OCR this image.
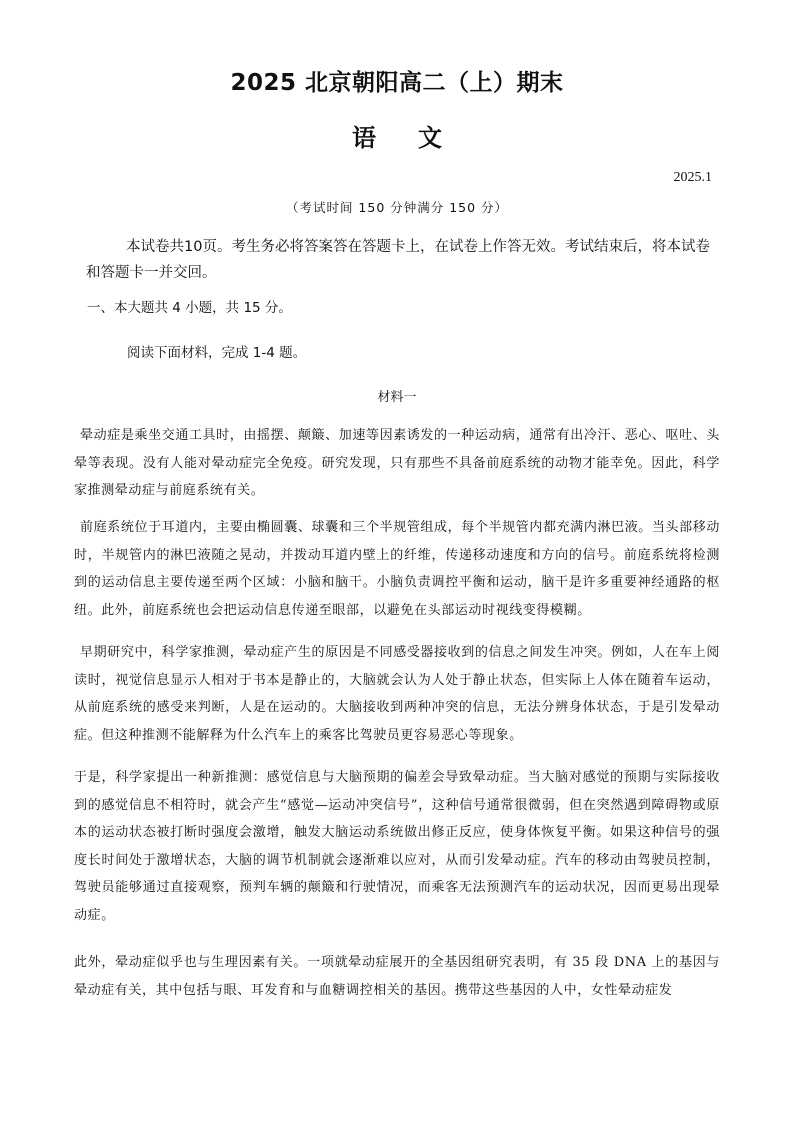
2025 北京朝阳高二（上）期末
语 文
2025.1
（考试时间 150 分钟满分 150 分）
本试卷共10页。考生务必将答案答在答题卡上，在试卷上作答无效。考试结束后，将本试卷和答题卡一并交回。
一、本大题共 4 小题，共 15 分。
阅读下面材料，完成 1-4 题。
材料一
晕动症是乘坐交通工具时，由摇摆、颠簸、加速等因素诱发的一种运动病，通常有出冷汗、恶心、呕吐、头晕等表现。没有人能对晕动症完全免疫。研究发现，只有那些不具备前庭系统的动物才能幸免。因此，科学家推测晕动症与前庭系统有关。
前庭系统位于耳道内，主要由椭圆囊、球囊和三个半规管组成，每个半规管内都充满内淋巴液。当头部移动时，半规管内的淋巴液随之晃动，并拨动耳道内壁上的纤维，传递移动速度和方向的信号。前庭系统将检测到的运动信息主要传递至两个区域：小脑和脑干。小脑负责调控平衡和运动，脑干是许多重要神经通路的枢纽。此外，前庭系统也会把运动信息传递至眼部，以避免在头部运动时视线变得模糊。
早期研究中，科学家推测，晕动症产生的原因是不同感受器接收到的信息之间发生冲突。例如，人在车上阅读时，视觉信息显示人相对于书本是静止的，大脑就会认为人处于静止状态，但实际上人体在随着车运动，从前庭系统的感受来判断，人是在运动的。大脑接收到两种冲突的信息，无法分辨身体状态，于是引发晕动症。但这种推测不能解释为什么汽车上的乘客比驾驶员更容易恶心等现象。
于是，科学家提出一种新推测：感觉信息与大脑预期的偏差会导致晕动症。当大脑对感觉的预期与实际接收到的感觉信息不相符时，就会产生“感觉—运动冲突信号”，这种信号通常很微弱，但在突然遇到障碍物或原本的运动状态被打断时强度会激增，触发大脑运动系统做出修正反应，使身体恢复平衡。如果这种信号的强度长时间处于激增状态，大脑的调节机制就会逐渐难以应对，从而引发晕动症。汽车的移动由驾驶员控制，驾驶员能够通过直接观察，预判车辆的颠簸和行驶情况，而乘客无法预测汽车的运动状况，因而更易出现晕动症。
此外，晕动症似乎也与生理因素有关。一项就晕动症展开的全基因组研究表明，有 35 段 DNA 上的基因与晕动症有关，其中包括与眼、耳发育和与血糖调控相关的基因。携带这些基因的人中，女性晕动症发
